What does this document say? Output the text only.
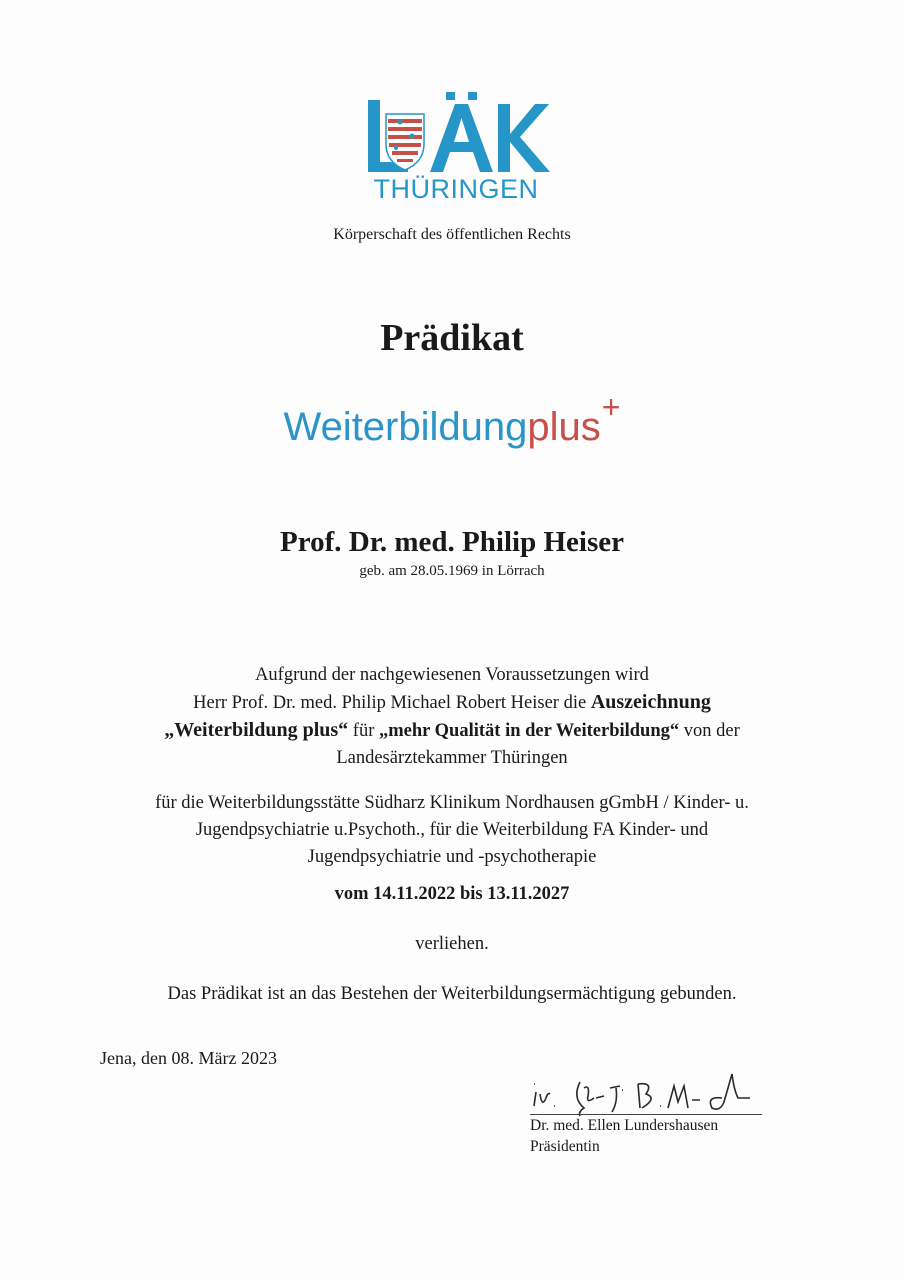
THÜRINGEN
Körperschaft des öffentlichen Rechts
Prädikat
Weiterbildungplus+
Prof. Dr. med. Philip Heiser
geb. am 28.05.1969 in Lörrach
Aufgrund der nachgewiesenen Voraussetzungen wird
Herr Prof. Dr. med. Philip Michael Robert Heiser die Auszeichnung
„Weiterbildung plus“ für „mehr Qualität in der Weiterbildung“ von der
Landesärztekammer Thüringen
für die Weiterbildungsstätte Südharz Klinikum Nordhausen gGmbH / Kinder- u.
Jugendpsychiatrie u.Psychoth., für die Weiterbildung FA Kinder- und
Jugendpsychiatrie und -psychotherapie
vom 14.11.2022 bis 13.11.2027
verliehen.
Das Prädikat ist an das Bestehen der Weiterbildungsermächtigung gebunden.
Jena, den 08. März 2023
Dr. med. Ellen Lundershausen
Präsidentin
